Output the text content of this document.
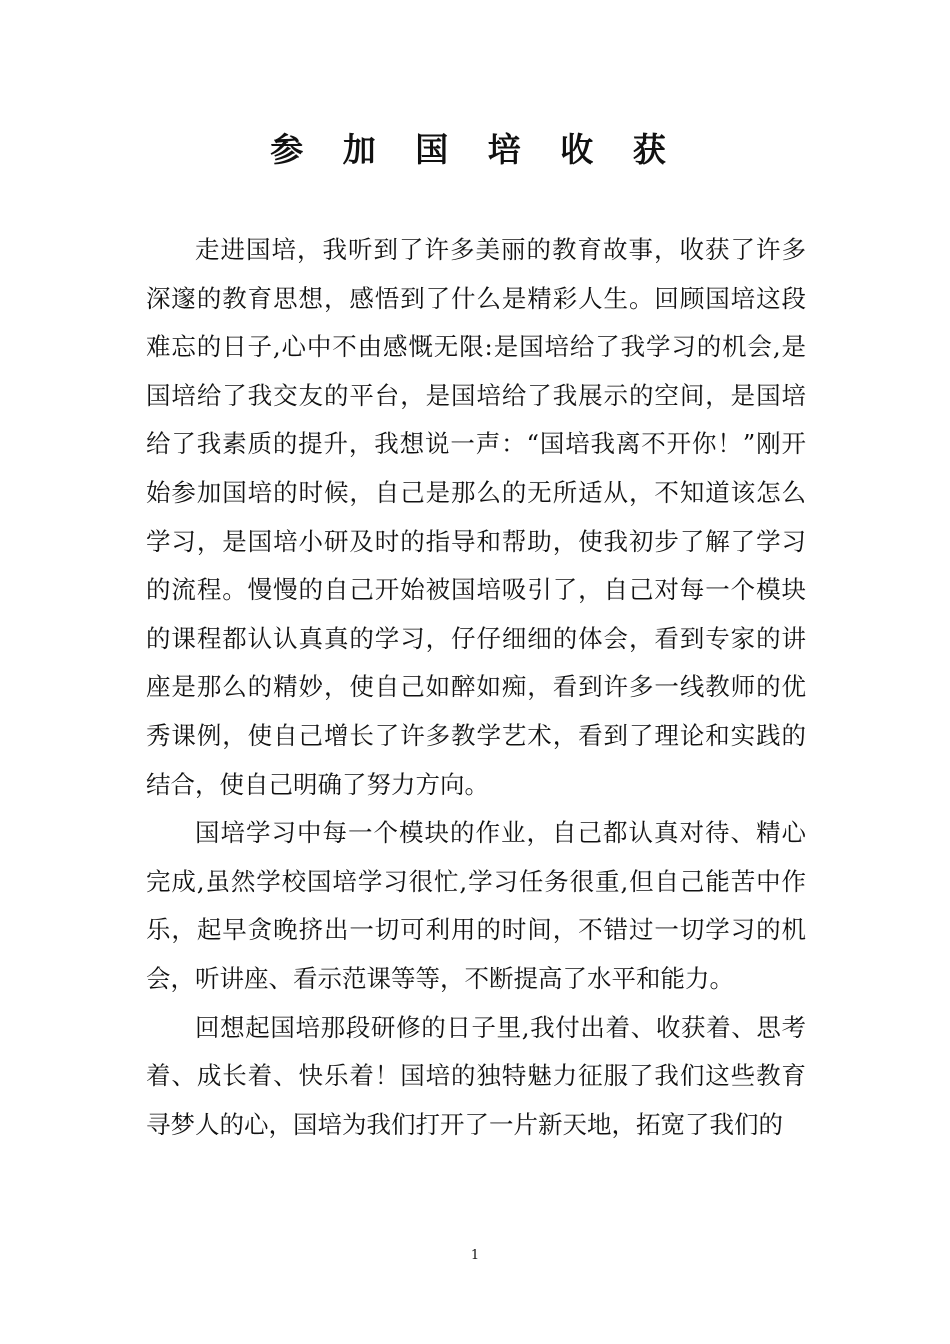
参 加 国 培 收 获

走进国培，我听到了许多美丽的教育故事，收获了许多深邃的教育思想，感悟到了什么是精彩人生。回顾国培这段难忘的日子,心中不由感慨无限:是国培给了我学习的机会,是国培给了我交友的平台，是国培给了我展示的空间，是国培给了我素质的提升，我想说一声：“国培我离不开你！”刚开始参加国培的时候，自己是那么的无所适从，不知道该怎么学习，是国培小研及时的指导和帮助，使我初步了解了学习的流程。慢慢的自己开始被国培吸引了，自己对每一个模块的课程都认认真真的学习，仔仔细细的体会，看到专家的讲座是那么的精妙，使自己如醉如痴，看到许多一线教师的优秀课例，使自己增长了许多教学艺术，看到了理论和实践的结合，使自己明确了努力方向。

国培学习中每一个模块的作业，自己都认真对待、精心完成,虽然学校国培学习很忙,学习任务很重,但自己能苦中作乐，起早贪晚挤出一切可利用的时间，不错过一切学习的机会，听讲座、看示范课等等，不断提高了水平和能力。

回想起国培那段研修的日子里,我付出着、收获着、思考着、成长着、快乐着！国培的独特魅力征服了我们这些教育寻梦人的心，国培为我们打开了一片新天地，拓宽了我们的

1
